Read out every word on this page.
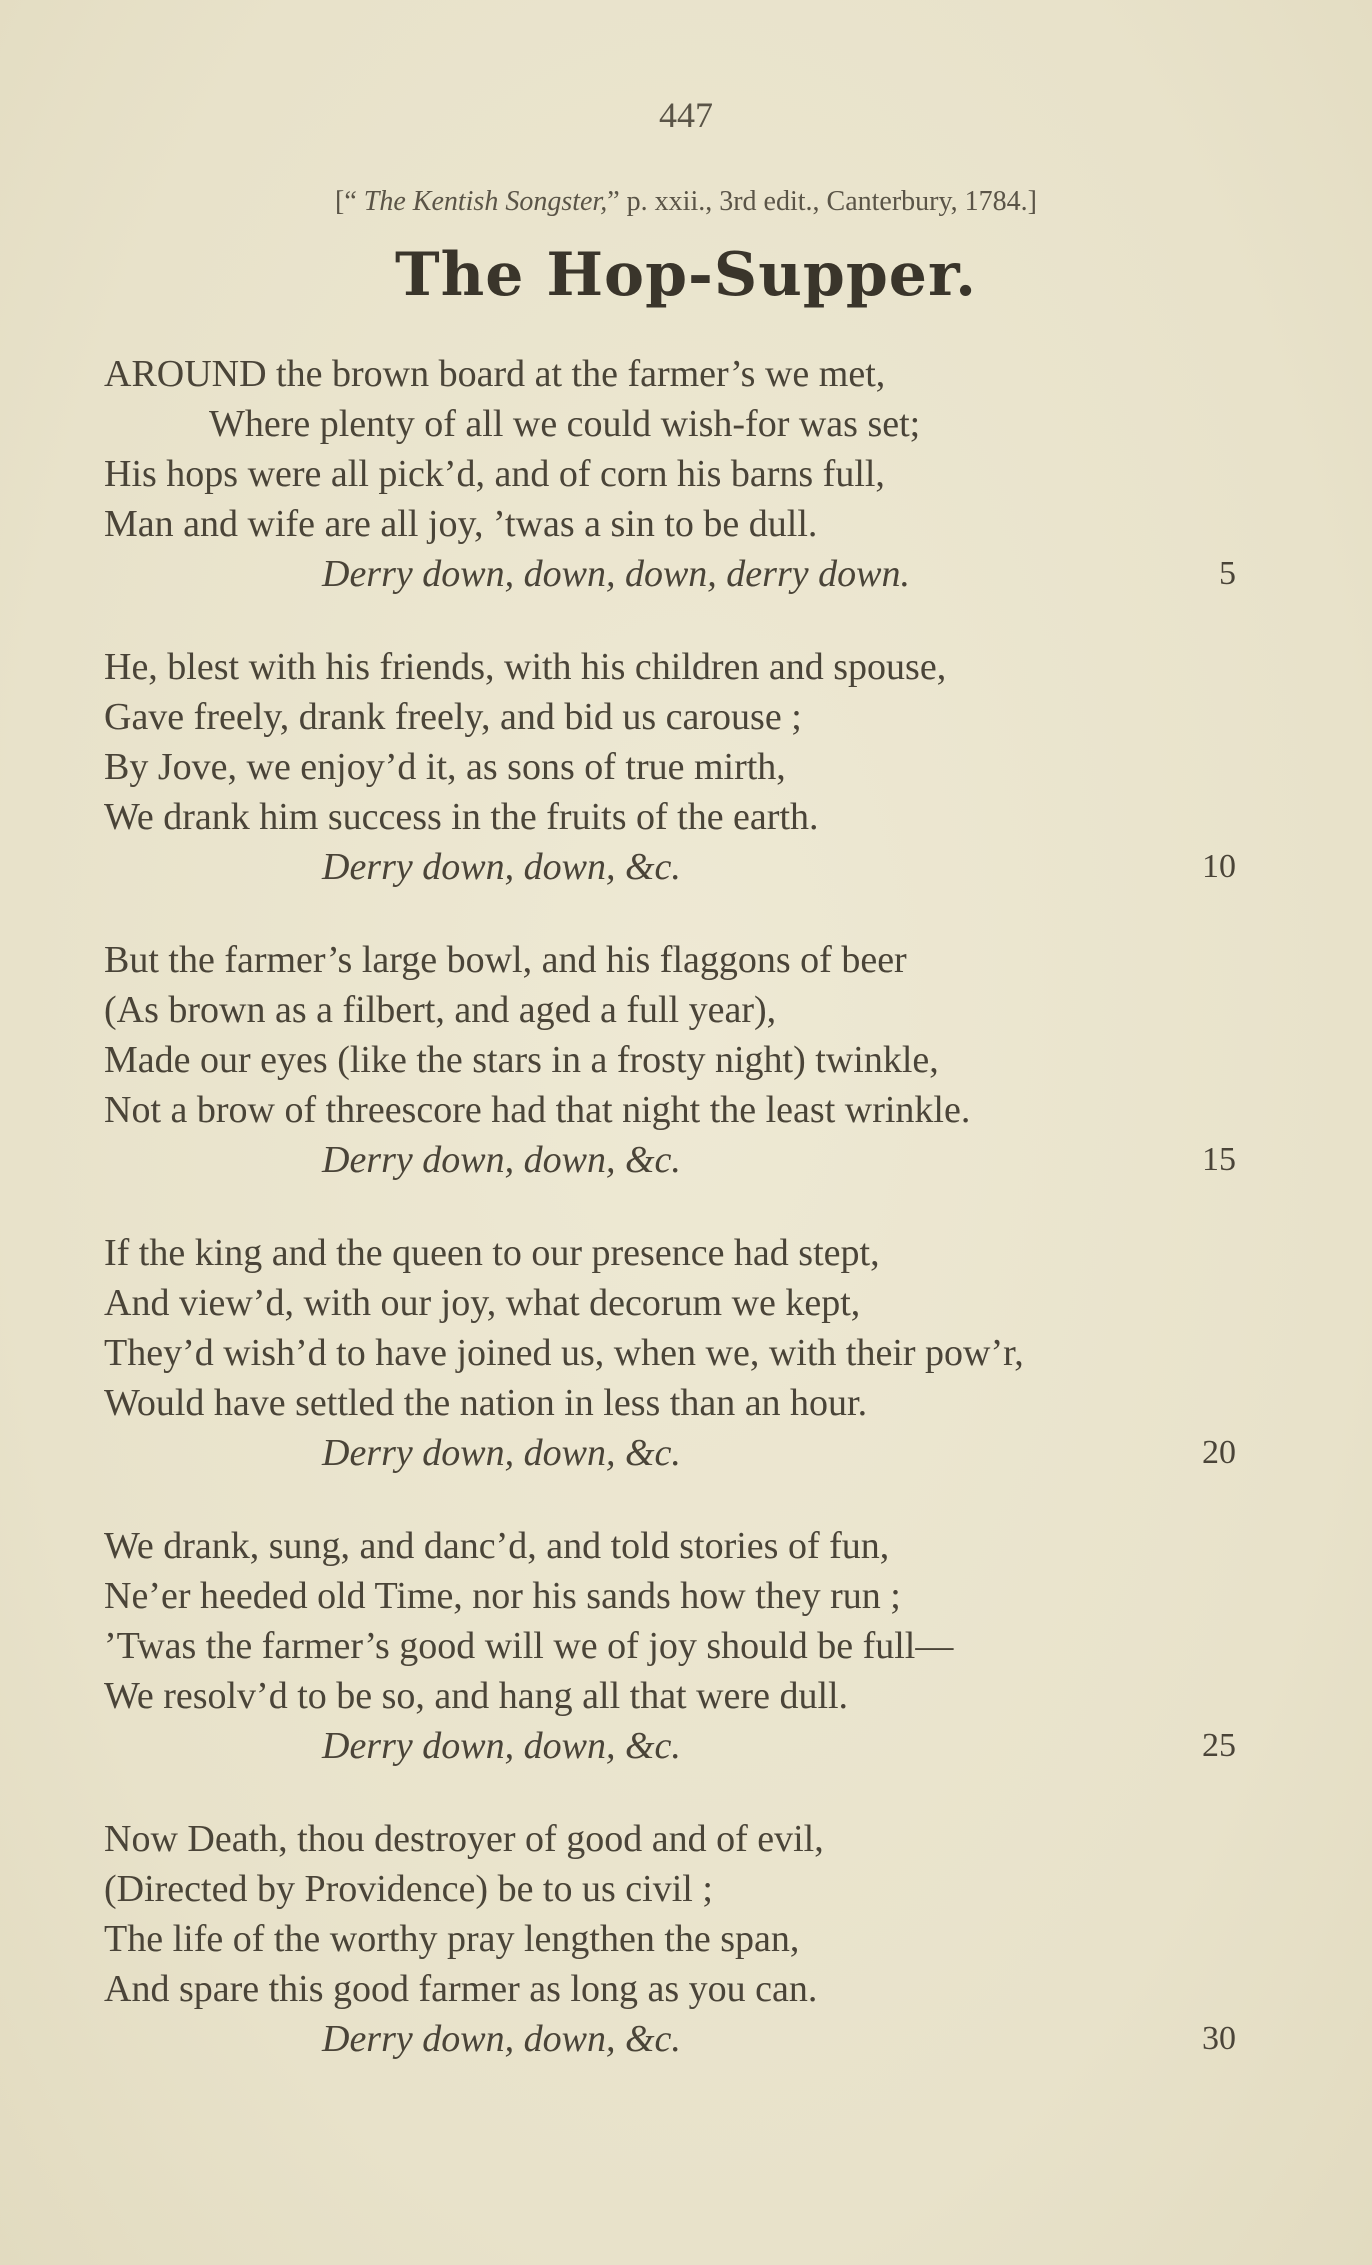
447
[“ The Kentish Songster,” p. xxii., 3rd edit., Canterbury, 1784.]
The Hop-Supper.
AROUND the brown board at the farmer’s we met,
Where plenty of all we could wish-for was set;
His hops were all pick’d, and of corn his barns full,
Man and wife are all joy, ’twas a sin to be dull.
Derry down, down, down, derry down.	5
He, blest with his friends, with his children and spouse,
Gave freely, drank freely, and bid us carouse ;
By Jove, we enjoy’d it, as sons of true mirth,
We drank him success in the fruits of the earth.
Derry down, down, &c.	10
But the farmer’s large bowl, and his flaggons of beer
(As brown as a filbert, and aged a full year),
Made our eyes (like the stars in a frosty night) twinkle,
Not a brow of threescore had that night the least wrinkle.
Derry down, down, &c.	15
If the king and the queen to our presence had stept,
And view’d, with our joy, what decorum we kept,
They’d wish’d to have joined us, when we, with their pow’r,
Would have settled the nation in less than an hour.
Derry down, down, &c.	20
We drank, sung, and danc’d, and told stories of fun,
Ne’er heeded old Time, nor his sands how they run ;
’Twas the farmer’s good will we of joy should be full—
We resolv’d to be so, and hang all that were dull.
Derry down, down, &c.	25
Now Death, thou destroyer of good and of evil,
(Directed by Providence) be to us civil ;
The life of the worthy pray lengthen the span,
And spare this good farmer as long as you can.
Derry down, down, &c.	30
